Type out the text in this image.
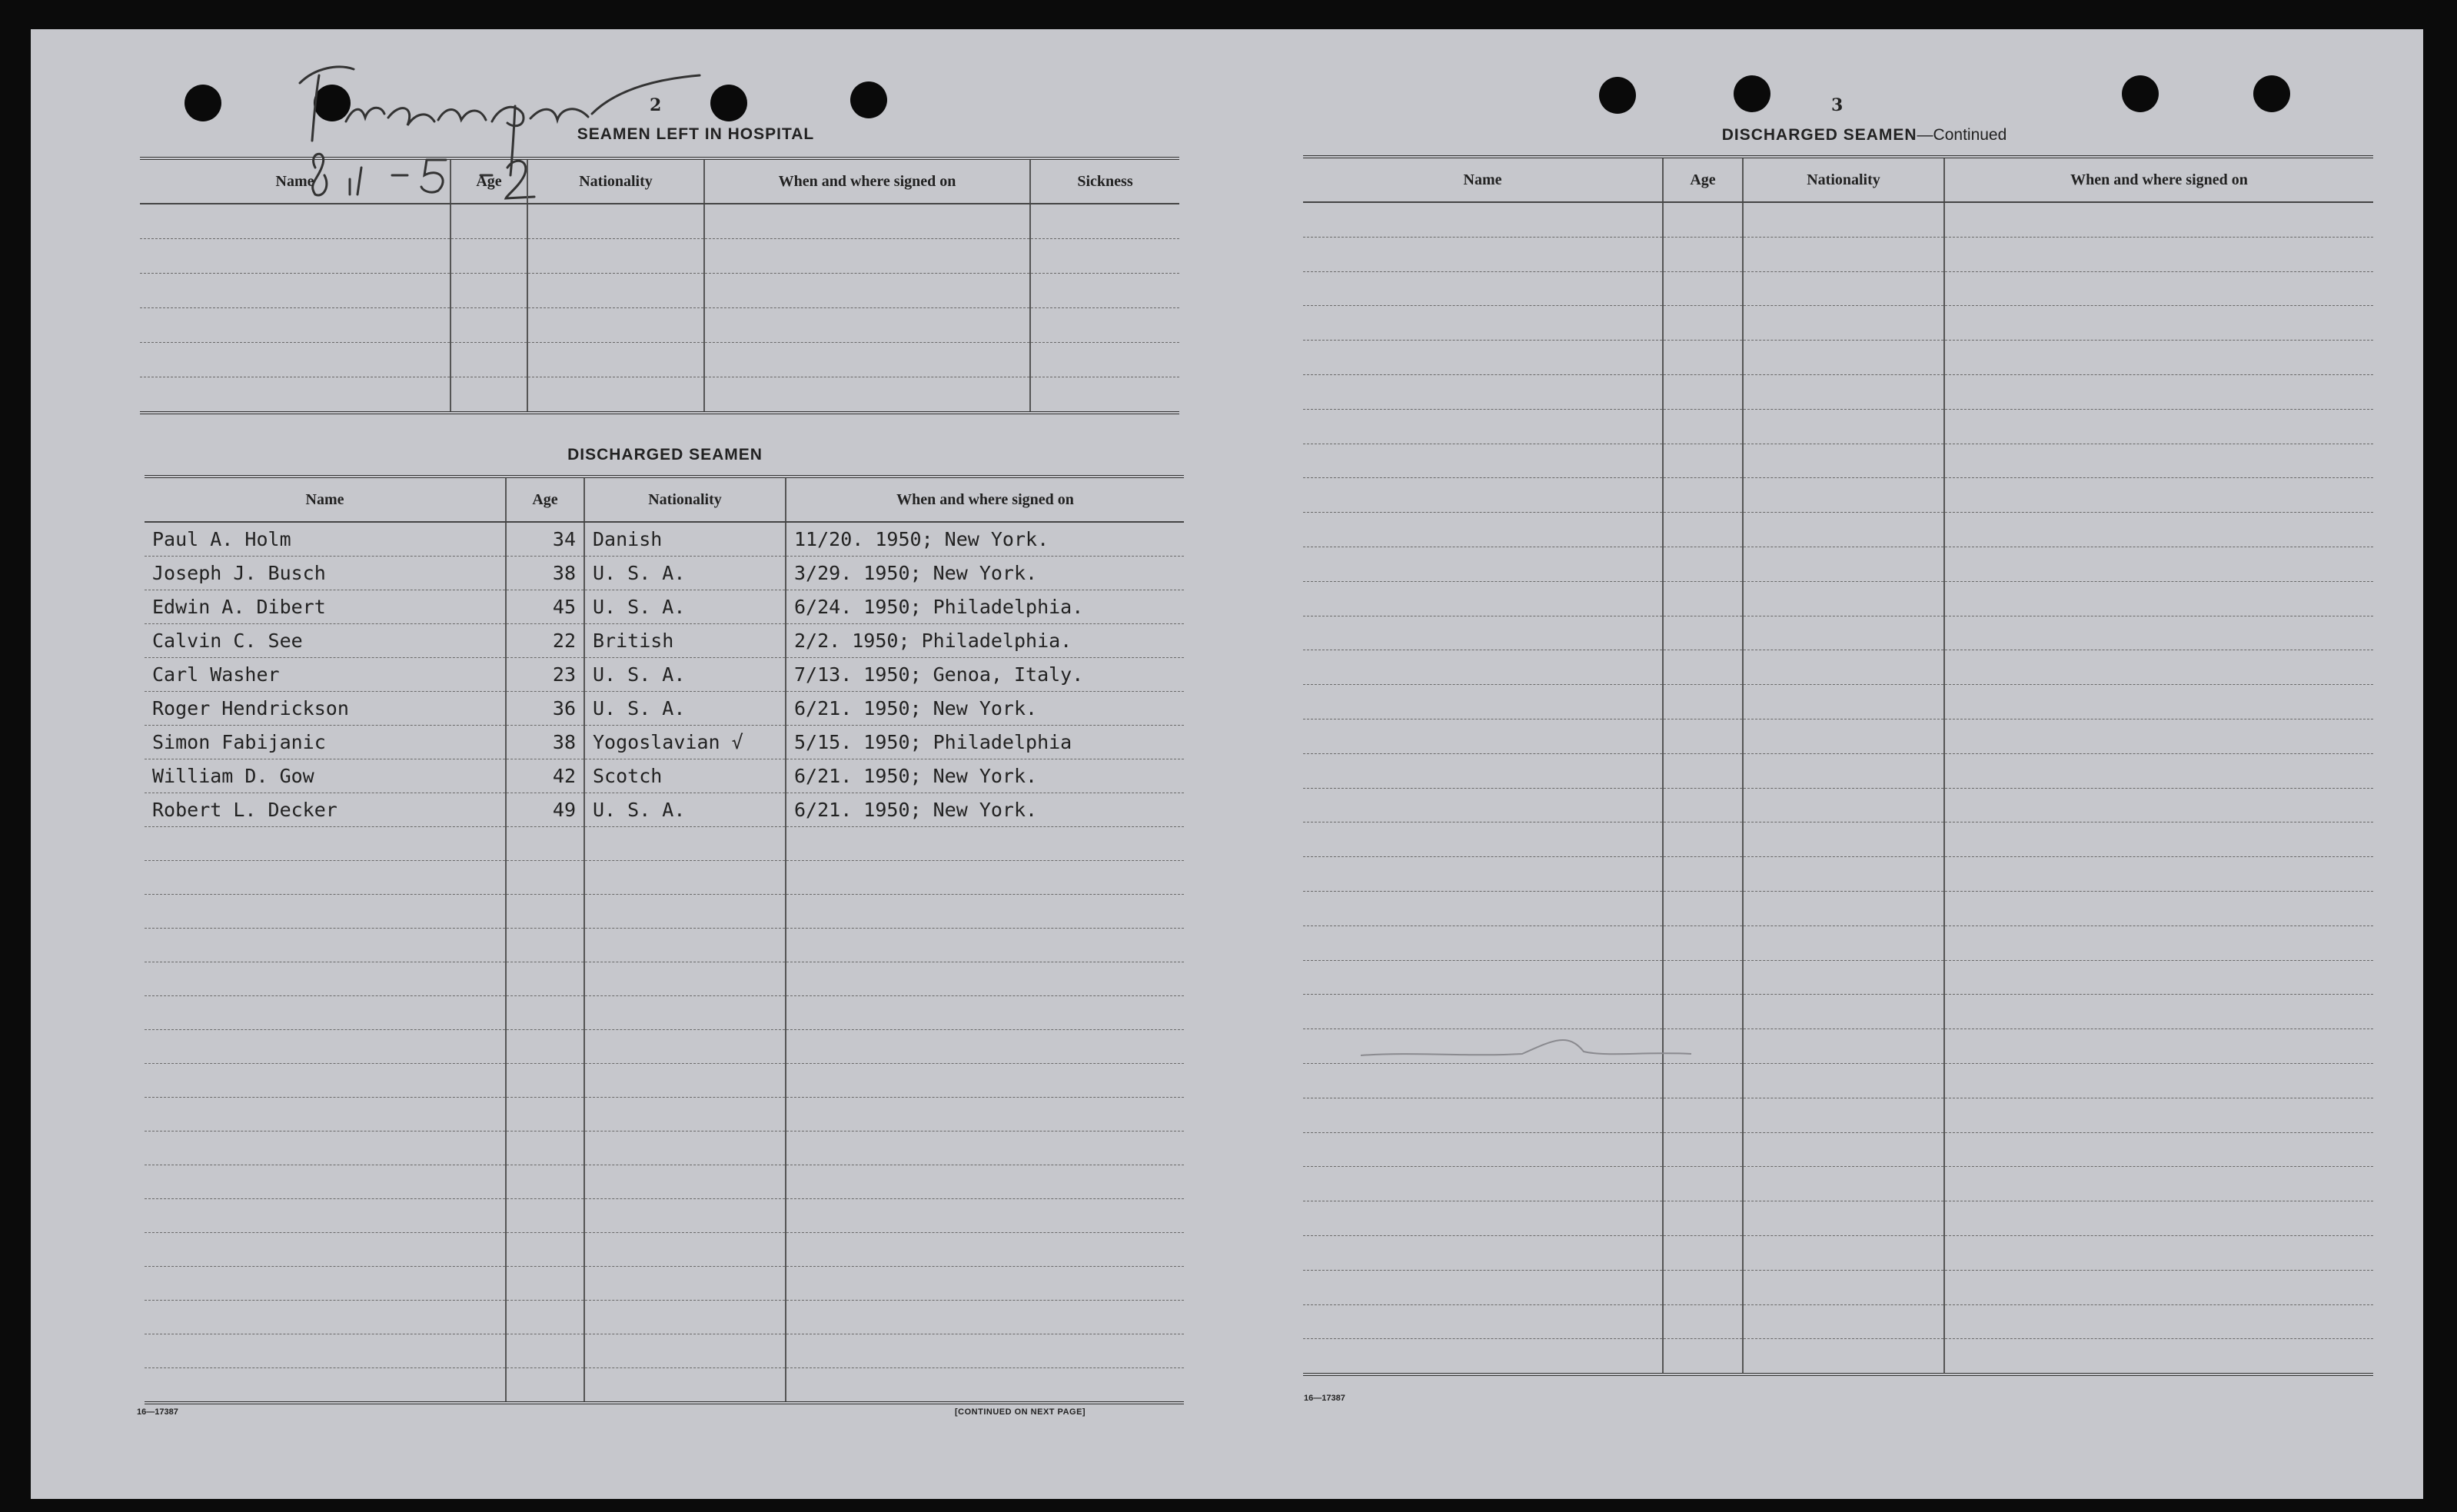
2
SEAMEN LEFT IN HOSPITAL
Name	Age	Nationality	When and where signed on	Sickness

DISCHARGED SEAMEN
Name	Age	Nationality	When and where signed on
Paul A. Holm	34	Danish	11/20. 1950; New York.
Joseph J. Busch	38	U. S. A.	3/29. 1950; New York.
Edwin A. Dibert	45	U. S. A.	6/24. 1950; Philadelphia.
Calvin C. See	22	British	2/2. 1950; Philadelphia.
Carl Washer	23	U. S. A.	7/13. 1950; Genoa, Italy.
Roger Hendrickson	36	U. S. A.	6/21. 1950; New York.
Simon Fabijanic	38	Yogoslavian √	5/15. 1950; Philadelphia
William D. Gow	42	Scotch	6/21. 1950; New York.
Robert L. Decker	49	U. S. A.	6/21. 1950; New York.

16—17387	[CONTINUED ON NEXT PAGE]
3
DISCHARGED SEAMEN—Continued
Name	Age	Nationality	When and where signed on

16—17387
